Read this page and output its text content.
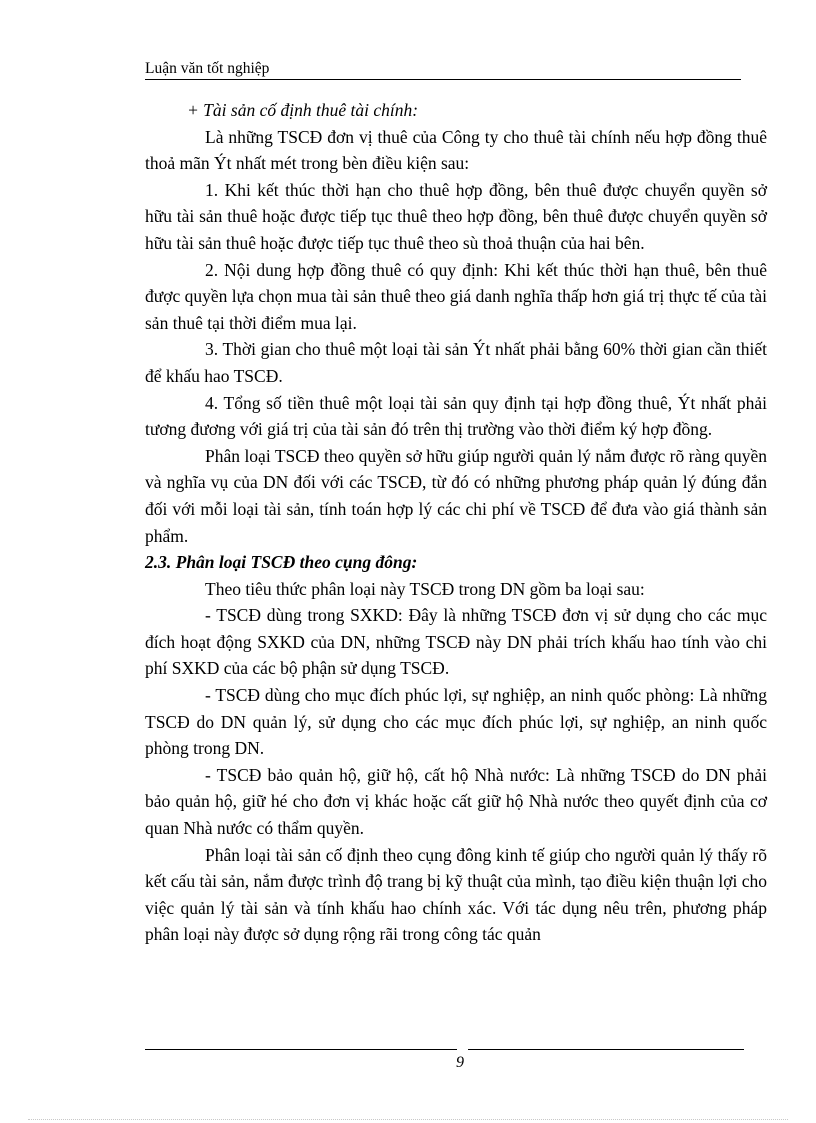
Luận văn tốt nghiệp

+ Tài sản cố định thuê tài chính:

Là những TSCĐ đơn vị thuê của Công ty cho thuê tài chính nếu hợp đồng thuê thoả mãn Ýt nhất mét trong bèn điều kiện sau:

1. Khi kết thúc thời hạn cho thuê hợp đồng, bên thuê được chuyển quyền sở hữu tài sản thuê hoặc được tiếp tục thuê theo hợp đồng, bên thuê được chuyển quyền sở hữu tài sản thuê hoặc được tiếp tục thuê theo sù thoả thuận của hai bên.

2. Nội dung hợp đồng thuê có quy định: Khi kết thúc thời hạn thuê, bên thuê được quyền lựa chọn mua tài sản thuê theo giá danh nghĩa thấp hơn giá trị thực tế của tài sản thuê tại thời điểm mua lại.

3. Thời gian cho thuê một loại tài sản Ýt nhất phải bằng 60% thời gian cần thiết để khấu hao TSCĐ.

4. Tổng số tiền thuê một loại tài sản quy định tại hợp đồng thuê, Ýt nhất phải tương đương với giá trị của tài sản đó trên thị trường vào thời điểm ký hợp đồng.

Phân loại TSCĐ theo quyền sở hữu giúp người quản lý nắm được rõ ràng quyền và nghĩa vụ của DN đối với các TSCĐ, từ đó có những phương pháp quản lý đúng đắn đối với mỗi loại tài sản, tính toán hợp lý các chi phí về TSCĐ để đưa vào giá thành sản phẩm.

2.3. Phân loại TSCĐ theo cụng đông:

Theo tiêu thức phân loại này TSCĐ trong DN gồm ba loại sau:

- TSCĐ dùng trong SXKD: Đây là những TSCĐ đơn vị sử dụng cho các mục đích hoạt động SXKD của DN, những TSCĐ này DN phải trích khấu hao tính vào chi phí SXKD của các bộ phận sử dụng TSCĐ.

- TSCĐ dùng cho mục đích phúc lợi, sự nghiệp, an ninh quốc phòng: Là những TSCĐ do DN quản lý, sử dụng cho các mục đích phúc lợi, sự nghiệp, an ninh quốc phòng trong DN.

- TSCĐ bảo quản hộ, giữ hộ, cất hộ Nhà nước: Là những TSCĐ do DN phải bảo quản hộ, giữ hé cho đơn vị khác hoặc cất giữ hộ Nhà nước theo quyết định của cơ quan Nhà nước có thẩm quyền.

Phân loại tài sản cố định theo cụng đông kinh tế giúp cho người quản lý thấy rõ kết cấu tài sản, nắm được trình độ trang bị kỹ thuật của mình, tạo điều kiện thuận lợi cho việc quản lý tài sản và tính khấu hao chính xác. Với tác dụng nêu trên, phương pháp phân loại này được sở dụng rộng rãi trong công tác quản

9
